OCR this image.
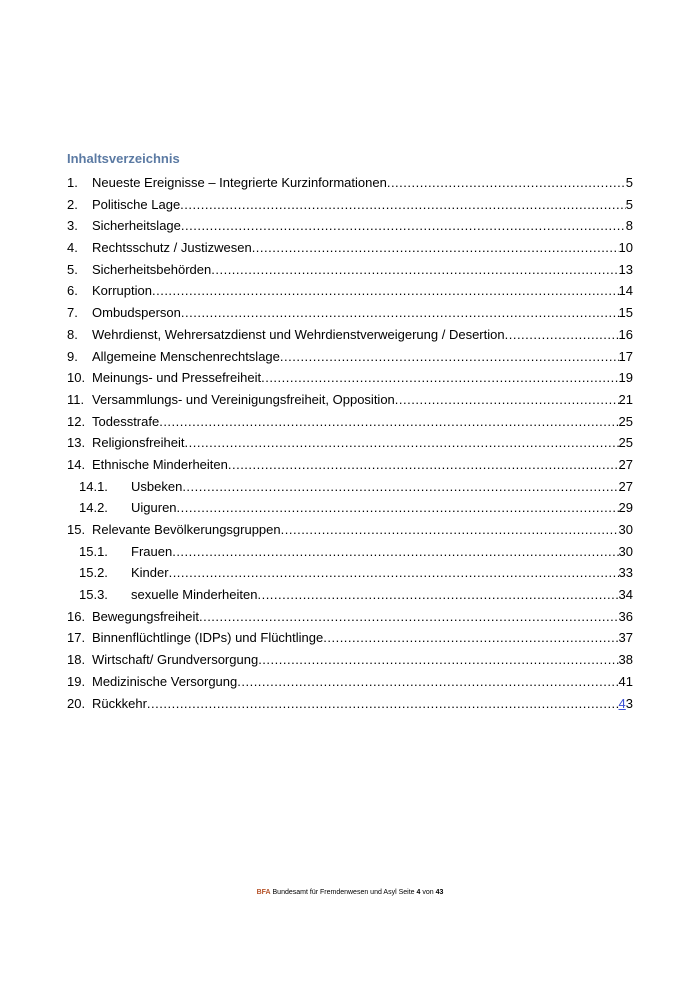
Inhaltsverzeichnis
1.	Neueste Ereignisse – Integrierte Kurzinformationen .....	5
2.	Politische Lage .....	5
3.	Sicherheitslage .....	8
4.	Rechtsschutz / Justizwesen .....	10
5.	Sicherheitsbehörden .....	13
6.	Korruption .....	14
7.	Ombudsperson .....	15
8.	Wehrdienst, Wehrersatzdienst und Wehrdienstverweigerung / Desertion .....	16
9.	Allgemeine Menschenrechtslage .....	17
10. Meinungs- und Pressefreiheit .....	19
11. Versammlungs- und Vereinigungsfreiheit, Opposition .....	21
12. Todesstrafe .....	25
13. Religionsfreiheit .....	25
14. Ethnische Minderheiten .....	27
14.1.	Usbeken .....	27
14.2.	Uiguren .....	29
15. Relevante Bevölkerungsgruppen .....	30
15.1.	Frauen .....	30
15.2.	Kinder .....	33
15.3.	sexuelle Minderheiten .....	34
16. Bewegungsfreiheit .....	36
17. Binnenflüchtlinge (IDPs) und Flüchtlinge .....	37
18. Wirtschaft/ Grundversorgung .....	38
19. Medizinische Versorgung .....	41
20. Rückkehr .....	43
BFA Bundesamt für Fremdenwesen und Asyl Seite 4 von 43
